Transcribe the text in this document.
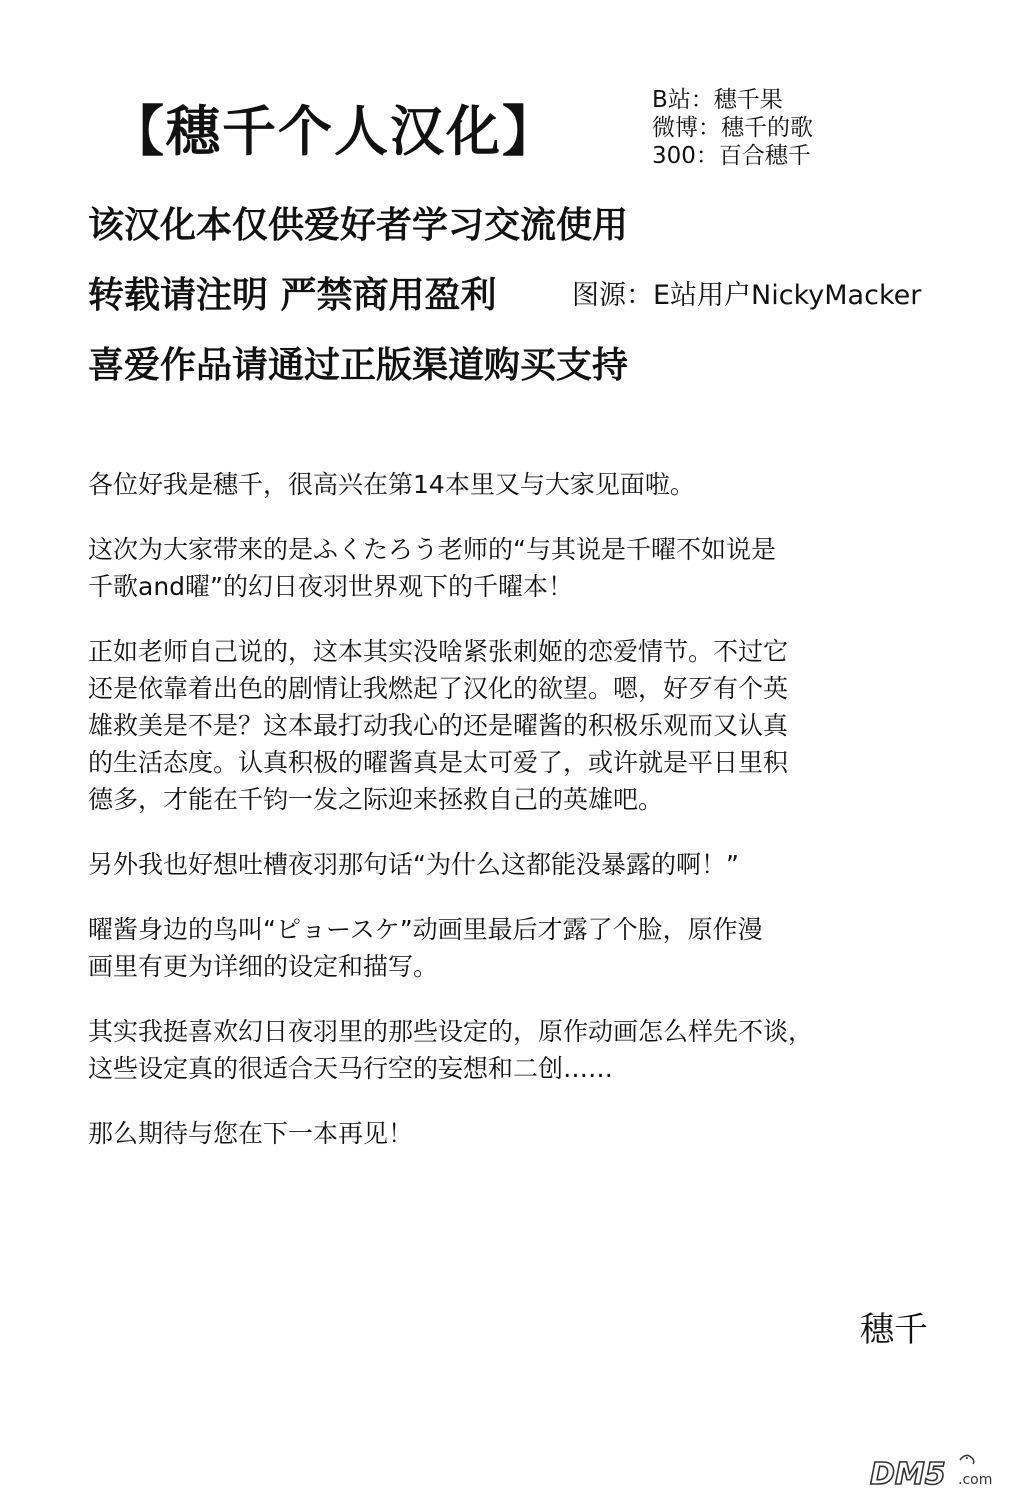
【穗千个人汉化】	B站：穗千果
微博：穗千的歌
300：百合穗千
该汉化本仅供爱好者学习交流使用
转载请注明 严禁商用盈利	图源：E站用户NickyMacker
喜爱作品请通过正版渠道购买支持

各位好我是穗千，很高兴在第14本里又与大家见面啦。

这次为大家带来的是ふくたろう老师的“与其说是千曜不如说是
千歌and曜”的幻日夜羽世界观下的千曜本！

正如老师自己说的，这本其实没啥紧张刺姬的恋爱情节。不过它
还是依靠着出色的剧情让我燃起了汉化的欲望。嗯，好歹有个英
雄救美是不是？这本最打动我心的还是曜酱的积极乐观而又认真
的生活态度。认真积极的曜酱真是太可爱了，或许就是平日里积
德多，才能在千钧一发之际迎来拯救自己的英雄吧。

另外我也好想吐槽夜羽那句话“为什么这都能没暴露的啊！”

曜酱身边的鸟叫“ピョースケ”动画里最后才露了个脸，原作漫
画里有更为详细的设定和描写。

其实我挺喜欢幻日夜羽里的那些设定的，原作动画怎么样先不谈，
这些设定真的很适合天马行空的妄想和二创……

那么期待与您在下一本再见！

穗千
DM5 .com
